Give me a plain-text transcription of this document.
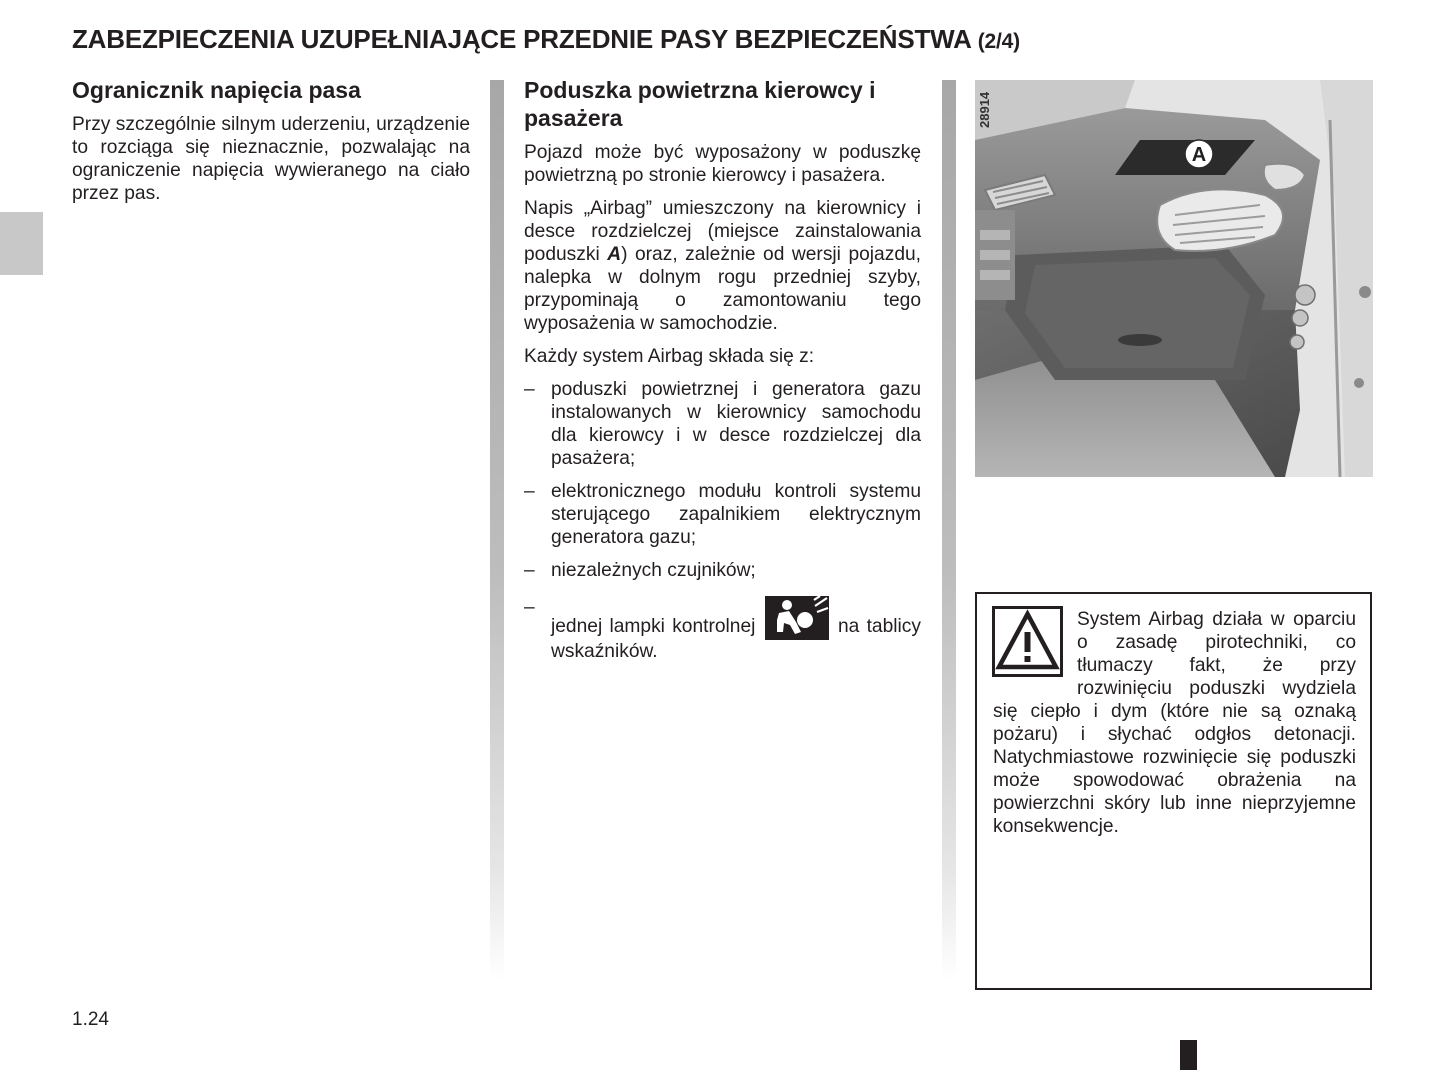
ZABEZPIECZENIA UZUPEŁNIAJĄCE PRZEDNIE PASY BEZPIECZEŃSTWA (2/4)
Ogranicznik napięcia pasa

Przy szczególnie silnym uderzeniu, urządzenie to rozciąga się nieznacznie, pozwalając na ograniczenie napięcia wywieranego na ciało przez pas.

Poduszka powietrzna kierowcy i pasażera

Pojazd może być wyposażony w poduszkę powietrzną po stronie kierowcy i pasażera.

Napis „Airbag” umieszczony na kierownicy i desce rozdzielczej (miejsce zainstalowania poduszki A) oraz, zależnie od wersji pojazdu, nalepka w dolnym rogu przedniej szyby, przypominają o zamontowaniu tego wyposażenia w samochodzie.

Każdy system Airbag składa się z:

– poduszki powietrznej i generatora gazu instalowanych w kierownicy samochodu dla kierowcy i w desce rozdzielczej dla pasażera;
– elektronicznego modułu kontroli systemu sterującego zapalnikiem elektrycznym generatora gazu;
– niezależnych czujników;
– jednej lampki kontrolnej	na tablicy wskaźników.
A
28914
System Airbag działa w oparciu o zasadę pirotechniki, co tłumaczy fakt, że przy rozwinięciu poduszki wydziela się ciepło i dym (które nie są oznaką pożaru) i słychać odgłos detonacji. Natychmiastowe rozwinięcie się poduszki może spowodować obrażenia na powierzchni skóry lub inne nieprzyjemne konsekwencje.
1.24
